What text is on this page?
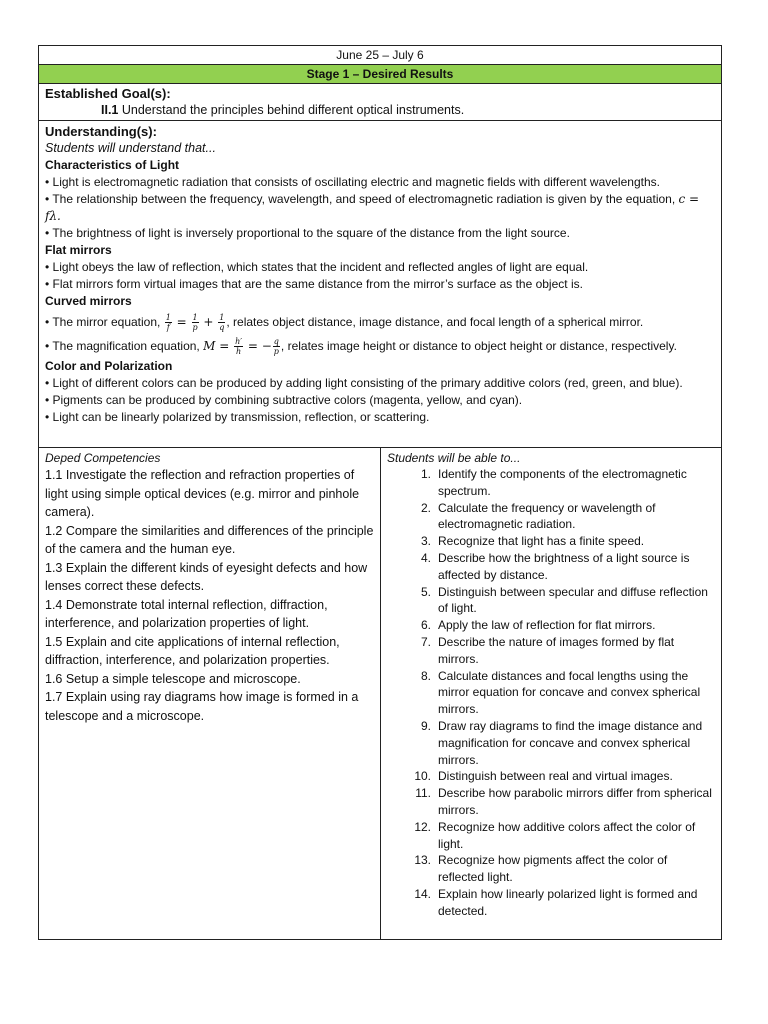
June 25 – July 6
Stage 1 – Desired Results
Established Goal(s):
II.1 Understand the principles behind different optical instruments.
Understanding(s):
Students will understand that...
Characteristics of Light
• Light is electromagnetic radiation that consists of oscillating electric and magnetic fields with different wavelengths.
• The relationship between the frequency, wavelength, and speed of electromagnetic radiation is given by the equation, c = fλ.
• The brightness of light is inversely proportional to the square of the distance from the light source.
Flat mirrors
• Light obeys the law of reflection, which states that the incident and reflected angles of light are equal.
• Flat mirrors form virtual images that are the same distance from the mirror’s surface as the object is.
Curved mirrors
• The mirror equation, $\frac{1}{f} = \frac{1}{p} + \frac{1}{q}$ , relates object distance, image distance, and focal length of a spherical mirror.
• The magnification equation, $M = \frac{h'}{h}$ = − $\frac{q}{p}$ , relates image height or distance to object height or distance, respectively.
Color and Polarization
• Light of different colors can be produced by adding light consisting of the primary additive colors (red, green, and blue).
• Pigments can be produced by combining subtractive colors (magenta, yellow, and cyan).
• Light can be linearly polarized by transmission, reflection, or scattering.
Deped Competencies
1.1 Investigate the reflection and refraction properties of light using simple optical devices (e.g. mirror and pinhole camera).
1.2 Compare the similarities and differences of the principle of the camera and the human eye.
1.3 Explain the different kinds of eyesight defects and how lenses correct these defects.
1.4 Demonstrate total internal reflection, diffraction, interference, and polarization properties of light.
1.5 Explain and cite applications of internal reflection, diffraction, interference, and polarization properties.
1.6 Setup a simple telescope and microscope.
1.7 Explain using ray diagrams how image is formed in a telescope and a microscope.
Students will be able to...
1. Identify the components of the electromagnetic spectrum.
2. Calculate the frequency or wavelength of electromagnetic radiation.
3. Recognize that light has a finite speed.
4. Describe how the brightness of a light source is affected by distance.
5. Distinguish between specular and diffuse reflection of light.
6. Apply the law of reflection for flat mirrors.
7. Describe the nature of images formed by flat mirrors.
8. Calculate distances and focal lengths using the mirror equation for concave and convex spherical mirrors.
9. Draw ray diagrams to find the image distance and magnification for concave and convex spherical mirrors.
10. Distinguish between real and virtual images.
11. Describe how parabolic mirrors differ from spherical mirrors.
12. Recognize how additive colors affect the color of light.
13. Recognize how pigments affect the color of reflected light.
14. Explain how linearly polarized light is formed and detected.
